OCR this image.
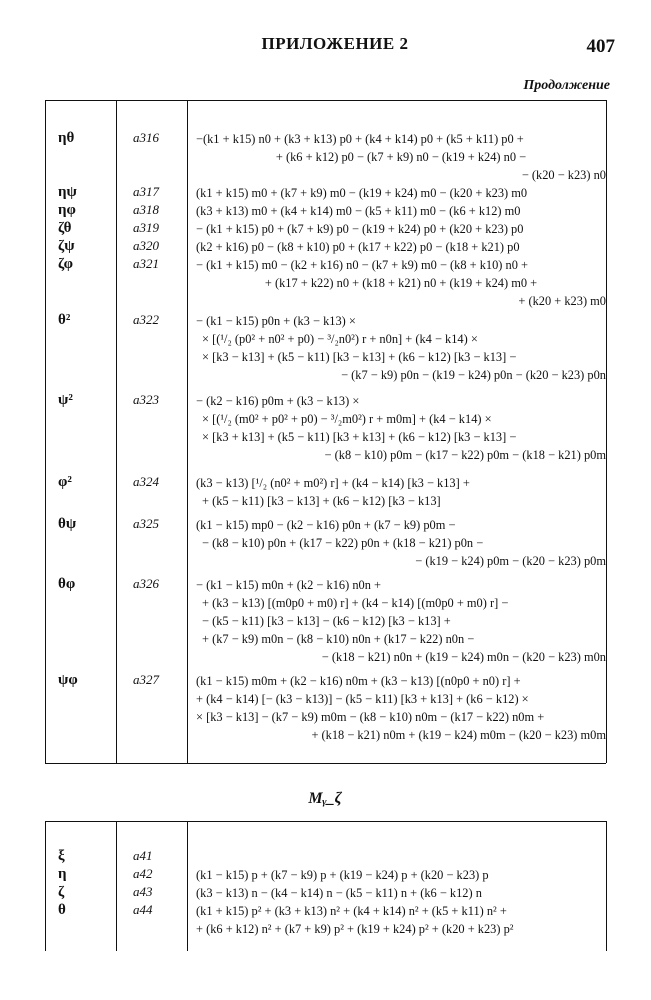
ПРИЛОЖЕНИЕ 2	407
Продолжение
ηθ	a316	−(k1 + k15) n0 + (k3 + k13) p0 + (k4 + k14) p0 + (k5 + k11) p0 +
+ (k6 + k12) p0 − (k7 + k9) n0 − (k19 + k24) n0 −
− (k20 − k23) n0
ηψ	a317	(k1 + k15) m0 + (k7 + k9) m0 − (k19 + k24) m0 − (k20 + k23) m0
ηφ	a318	(k3 + k13) m0 + (k4 + k14) m0 − (k5 + k11) m0 − (k6 + k12) m0
ζθ	a319	− (k1 + k15) p0 + (k7 + k9) p0 − (k19 + k24) p0 + (k20 + k23) p0
ζψ	a320	(k2 + k16) p0 − (k8 + k10) p0 + (k17 + k22) p0 − (k18 + k21) p0
ζφ	a321	− (k1 + k15) m0 − (k2 + k16) n0 − (k7 + k9) m0 − (k8 + k10) n0 +
+ (k17 + k22) n0 + (k18 + k21) n0 + (k19 + k24) m0 +
+ (k20 + k23) m0
θ²	a322	− (k1 − k15) p0n + (k3 − k13) ×
× [(¹/₂ (p0² + n0² + p0) − ³/₂n0²) r + n0n] + (k4 − k14) ×
× [k3 − k13] + (k5 − k11) [k3 − k13] + (k6 − k12) [k3 − k13] −
− (k7 − k9) p0n − (k19 − k24) p0n − (k20 − k23) p0n
ψ²	a323	− (k2 − k16) p0m + (k3 − k13) ×
× [(¹/₂ (m0² + p0² + p0) − ³/₂m0²) r + m0m] + (k4 − k14) ×
× [k3 + k13] + (k5 − k11) [k3 + k13] + (k6 − k12) [k3 − k13] −
− (k8 − k10) p0m − (k17 − k22) p0m − (k18 − k21) p0m
φ²	a324	(k3 − k13) [¹/₂ (n0² + m0²) r] + (k4 − k14) [k3 − k13] +
+ (k5 − k11) [k3 − k13] + (k6 − k12) [k3 − k13]
θψ	a325	(k1 − k15) mp0 − (k2 − k16) p0n + (k7 − k9) p0m −
− (k8 − k10) p0n + (k17 − k22) p0n + (k18 − k21) p0n −
− (k19 − k24) p0m − (k20 − k23) p0m
θφ	a326	− (k1 − k15) m0n + (k2 − k16) n0n +
+ (k3 − k13) [(m0p0 + m0) r] + (k4 − k14) [(m0p0 + m0) r] −
− (k5 − k11) [k3 − k13] − (k6 − k12) [k3 − k13] +
+ (k7 − k9) m0n − (k8 − k10) n0n + (k17 − k22) n0n −
− (k18 − k21) n0n + (k19 − k24) m0n − (k20 − k23) m0n
ψφ	a327	(k1 − k15) m0m + (k2 − k16) n0m + (k3 − k13) [(n0p0 + n0) r] +
+ (k4 − k14) [− (k3 − k13)] − (k5 − k11) [k3 + k13] + (k6 − k12) ×
× [k3 − k13] − (k7 − k9) m0m − (k8 − k10) n0m − (k17 − k22) n0m +
+ (k18 − k21) n0m + (k19 − k24) m0m − (k20 − k23) m0m
Mᵧ_ζ
ξ	a41
η	a42	(k1 − k15) p + (k7 − k9) p + (k19 − k24) p + (k20 − k23) p
ζ	a43	(k3 − k13) n − (k4 − k14) n − (k5 − k11) n + (k6 − k12) n
θ	a44	(k1 + k15) p² + (k3 + k13) n² + (k4 + k14) n² + (k5 + k11) n² +
+ (k6 + k12) n² + (k7 + k9) p² + (k19 + k24) p² + (k20 + k23) p²
